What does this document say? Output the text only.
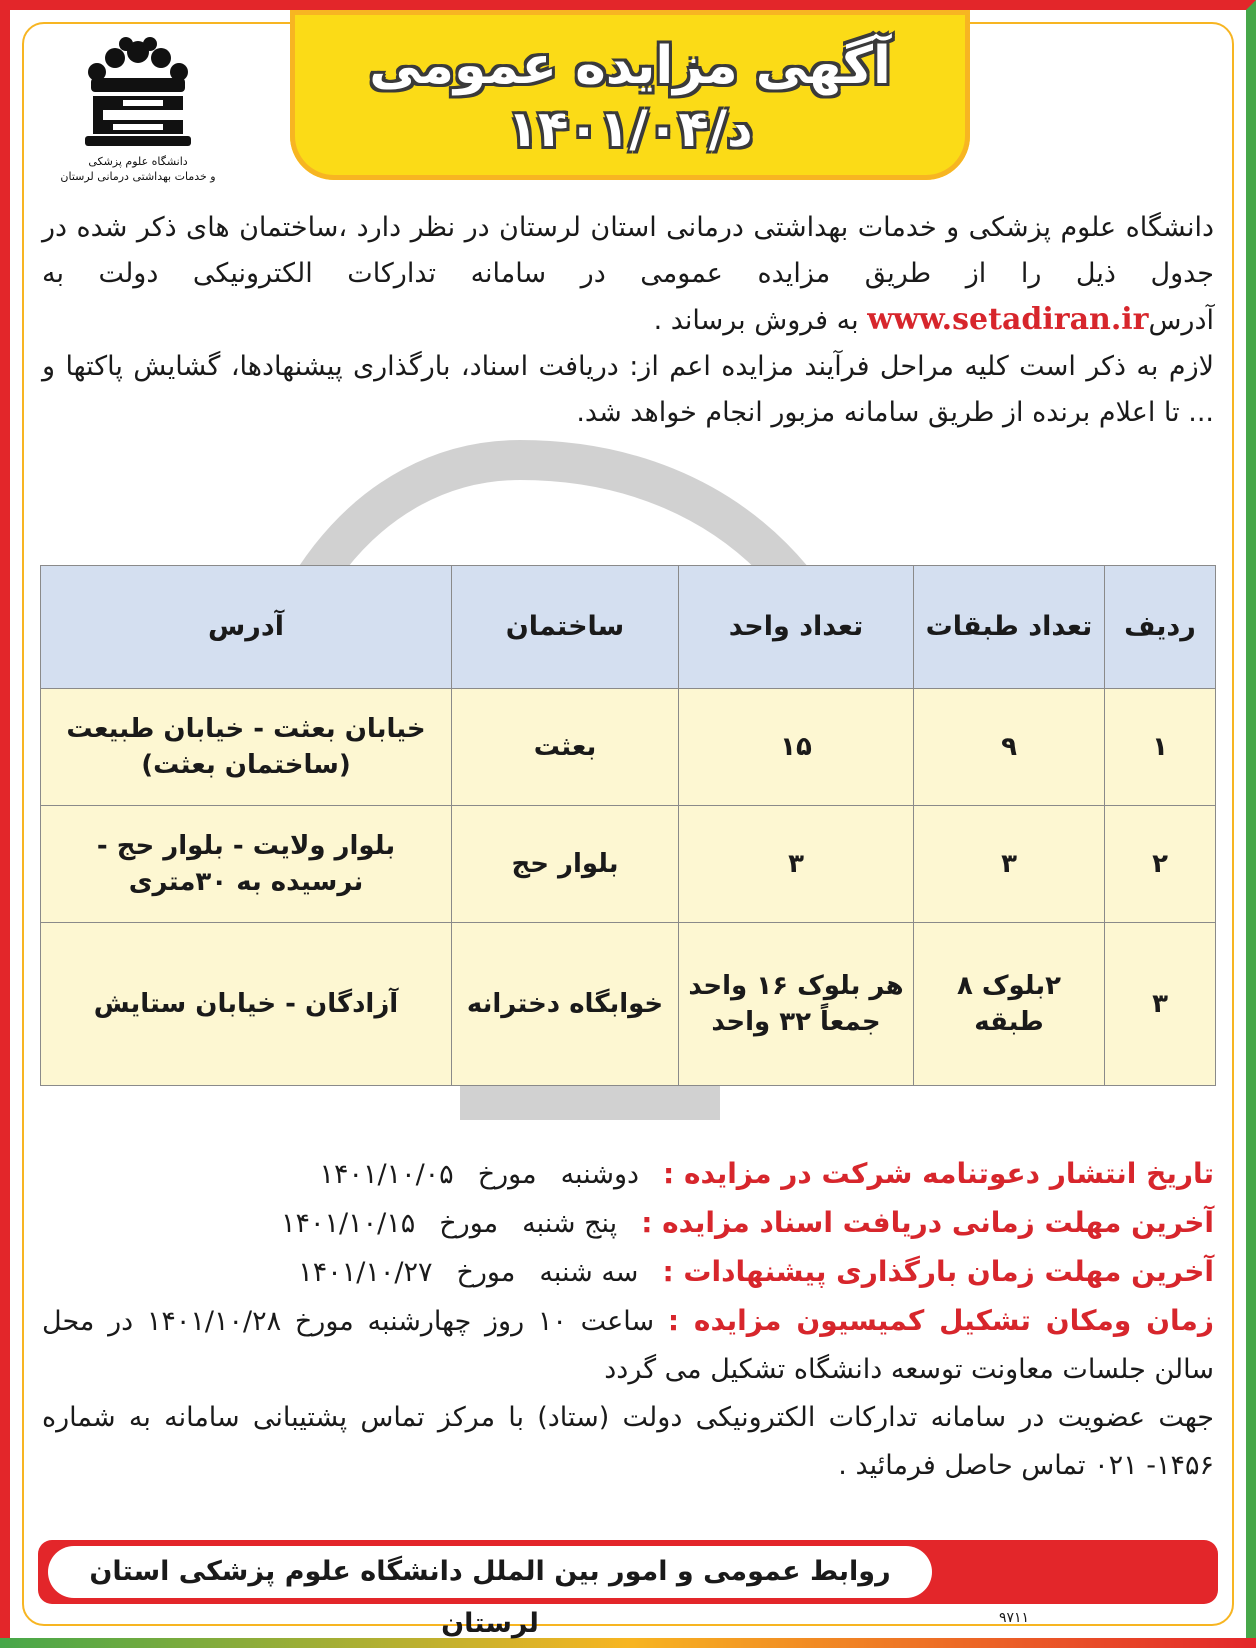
دانشگاه علوم پزشکی
و خدمات بهداشتی درمانی لرستان
آگهی مزایده عمومی
د/۱۴۰۱/۰۴
دانشگاه علوم پزشکی و خدمات بهداشتی درمانی استان لرستان در نظر دارد ،ساختمان های ذکر شده در جدول ذیل را از طریق مزایده عمومی در سامانه تدارکات الکترونیکی دولت به آدرسwww.setadiran.ir به فروش برساند .
لازم به ذکر است کلیه مراحل فرآیند مزایده اعم از: دریافت اسناد، بارگذاری پیشنهادها، گشایش پاکتها و ... تا اعلام برنده از طریق سامانه مزبور انجام خواهد شد.
ردیف	تعداد طبقات	تعداد واحد	ساختمان	آدرس
۱	۹	۱۵	بعثت	خیابان بعثت - خیابان طبیعت (ساختمان بعثت)
۲	۳	۳	بلوار حج	بلوار ولایت - بلوار حج - نرسیده به ۳۰متری
۳	۲بلوک ۸ طبقه	هر بلوک ۱۶ واحد جمعاً ۳۲ واحد	خوابگاه دخترانه	آزادگان - خیابان ستایش
تاریخ انتشار دعوتنامه شرکت در مزایده :دوشنبهمورخ۱۴۰۱/۱۰/۰۵
آخرین مهلت زمانی دریافت اسناد مزایده :پنج شنبهمورخ۱۴۰۱/۱۰/۱۵
آخرین مهلت زمان بارگذاری پیشنهادات :سه شنبهمورخ۱۴۰۱/۱۰/۲۷
زمان ومکان تشکیل کمیسیون مزایده : ساعت ۱۰ روز چهارشنبه مورخ ۱۴۰۱/۱۰/۲۸ در محل سالن جلسات معاونت توسعه دانشگاه تشکیل می گردد
جهت عضویت در سامانه تدارکات الکترونیکی دولت (ستاد) با مرکز تماس پشتیبانی سامانه به شماره ۱۴۵۶- ۰۲۱ تماس حاصل فرمائید .
روابط عمومی و امور بین الملل دانشگاه علوم پزشکی استان لرستان	۹۷۱۱
